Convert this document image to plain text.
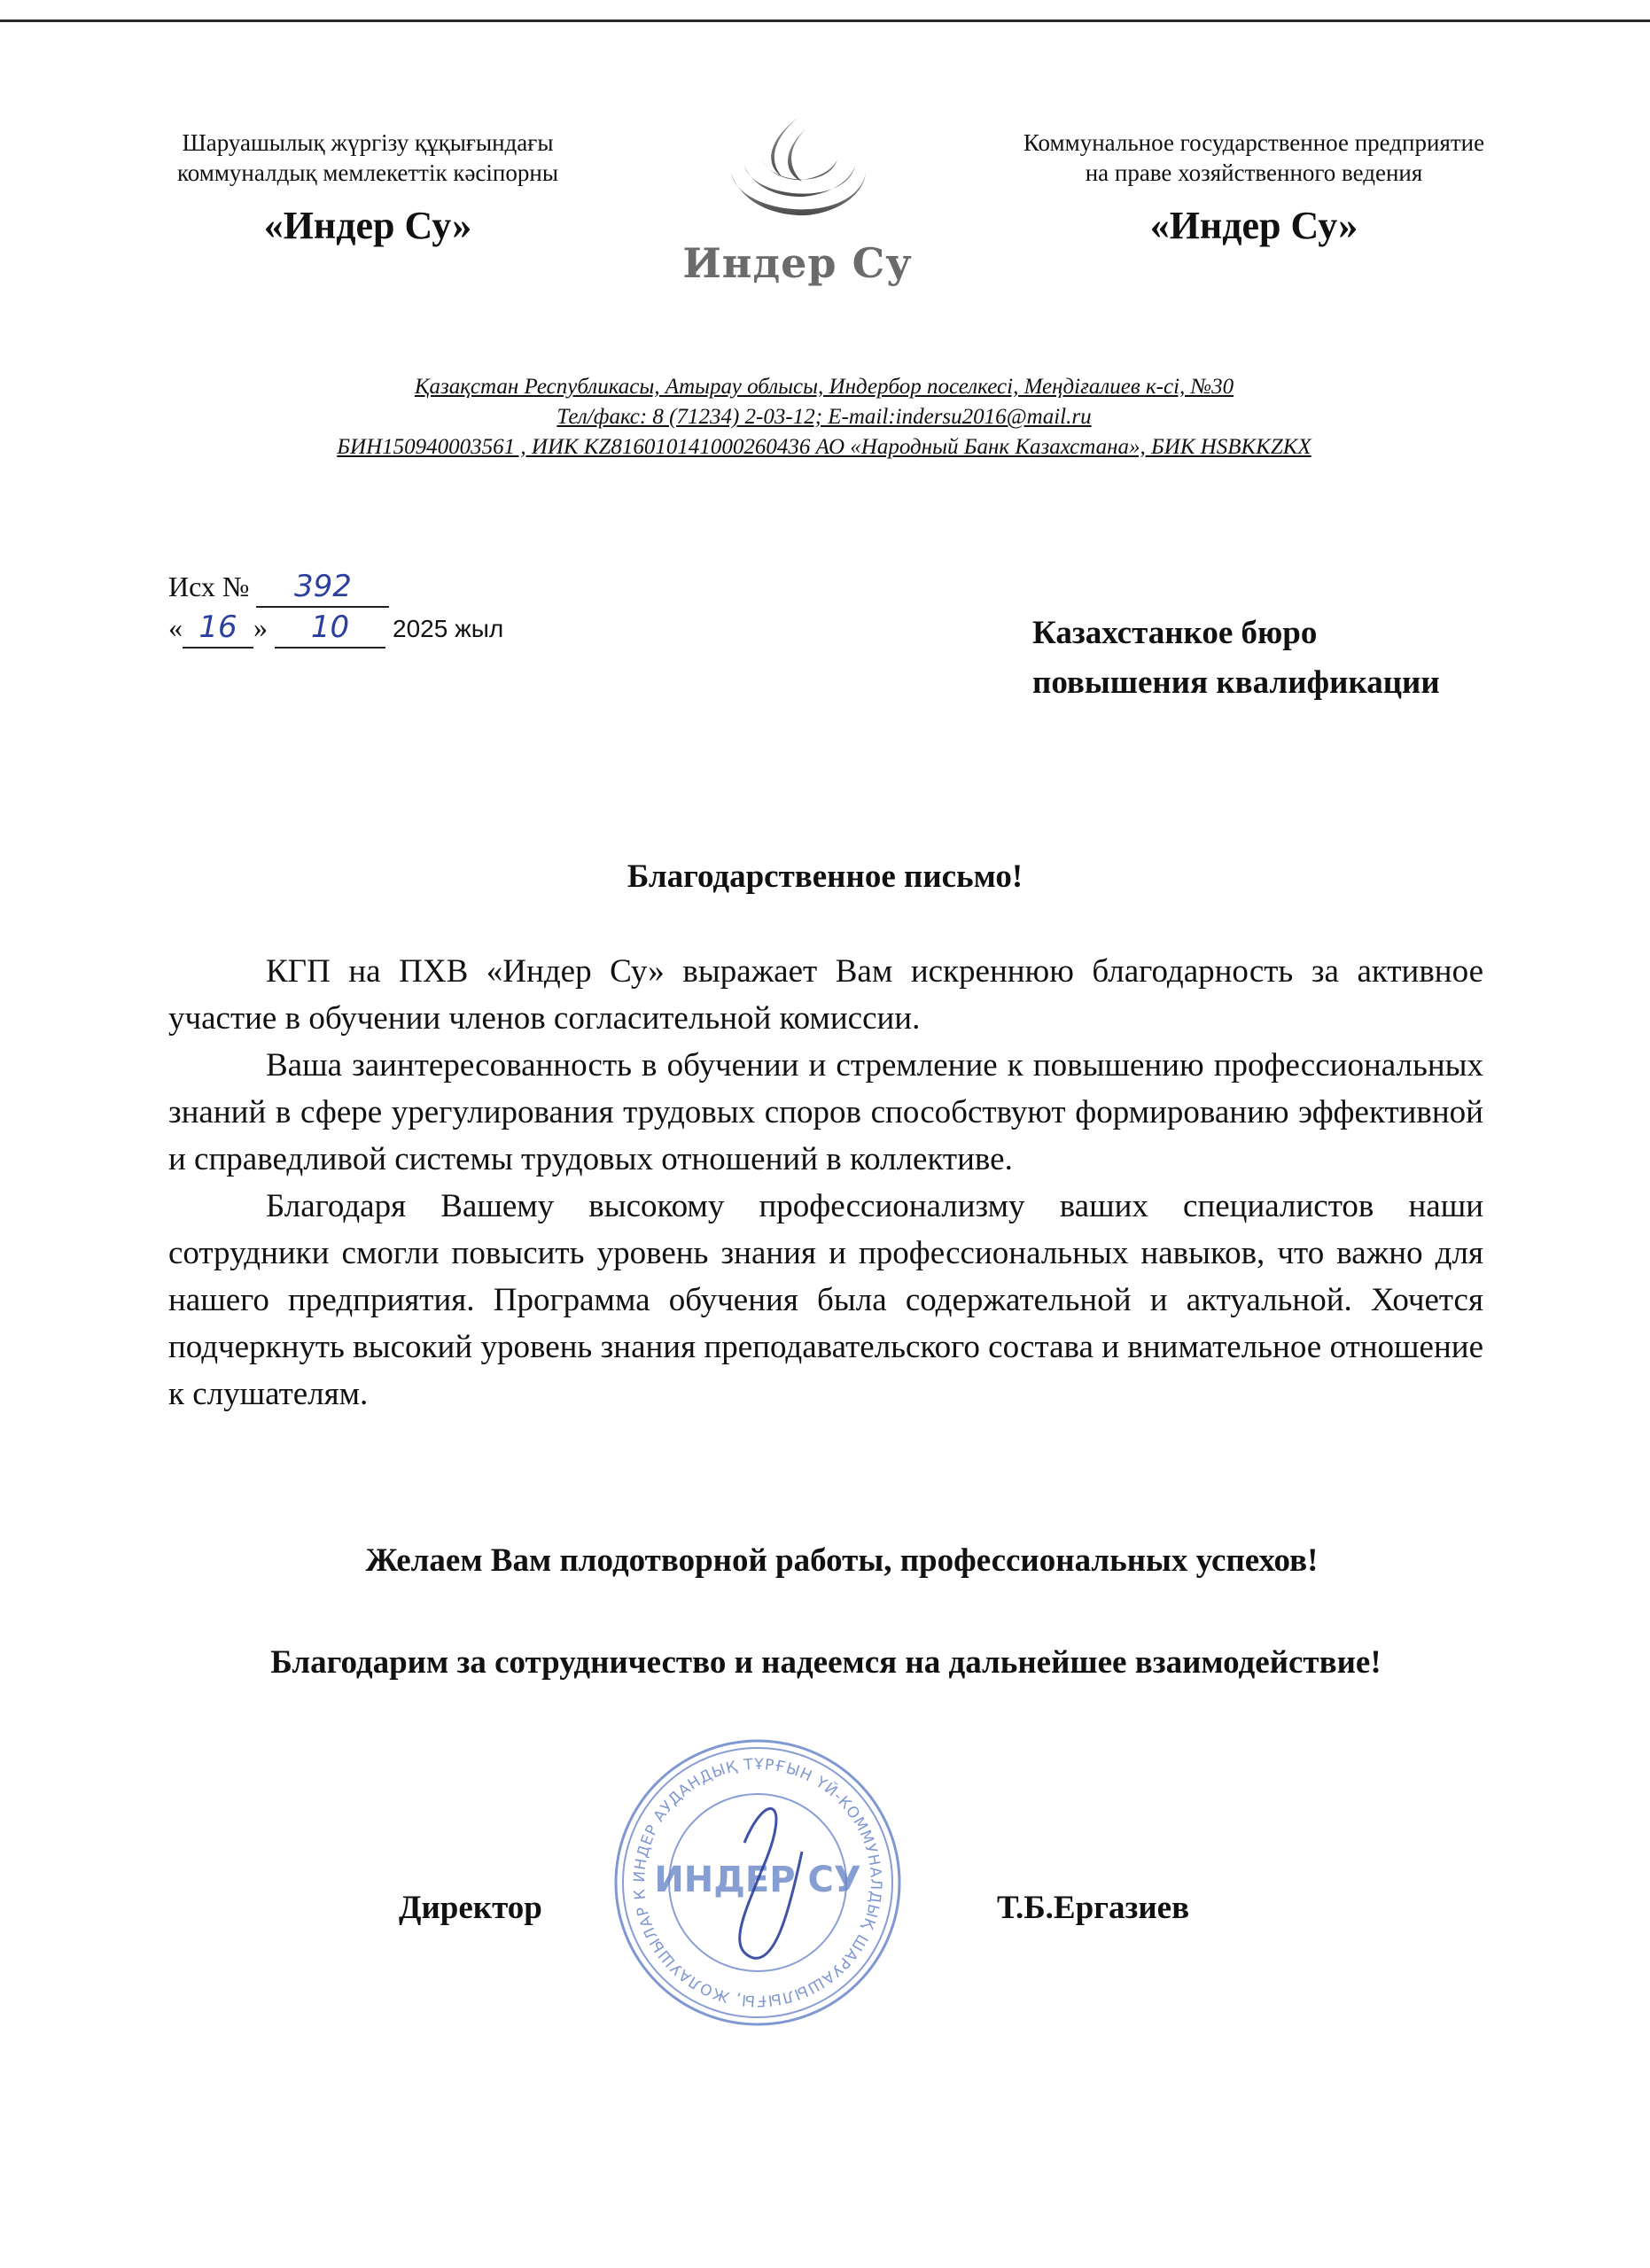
Шаруашылық жүргізу құқығындағы
коммуналдық мемлекеттік кәсіпорны
«Индер Су»
Индер Су
Коммунальное государственное предприятие
на праве хозяйственного ведения
«Индер Су»
Қазақстан Республикасы, Атырау облысы, Индербор поселкесі, Меңдіғалиев к-сі, №30
Тел/факс: 8 (71234) 2-03-12; E-mail:indersu2016@mail.ru
БИН150940003561 , ИИК KZ816010141000260436 АО «Народный Банк Казахстана», БИК HSBKKZKX
Исх № 392
« 16 » 10 2025 жыл	Казахстанкое бюро
повышения квалификации
Благодарственное письмо!

КГП на ПХВ «Индер Су» выражает Вам искреннюю благодарность за активное участие в обучении членов согласительной комиссии.

Ваша заинтересованность в обучении и стремление к повышению профессиональных знаний в сфере урегулирования трудовых споров способствуют формированию эффективной и справедливой системы трудовых отношений в коллективе.

Благодаря Вашему высокому профессионализму ваших специалистов наши сотрудники смогли повысить уровень знания и профессиональных навыков, что важно для нашего предприятия. Программа обучения была содержательной и актуальной. Хочется подчеркнуть высокий уровень знания преподавательского состава и внимательное отношение к слушателям.

Желаем Вам плодотворной работы, профессиональных успехов!
Благодарим за сотрудничество и надеемся на дальнейшее взаимодействие!
ИНДЕР АУДАНДЫҚ ТҰРҒЫН ҮЙ-КОММУНАЛДЫҚ ШАРУАШЫЛЫҒЫ, ЖОЛАУШЫЛАР К ИНДЕР СУ
Директор	Т.Б.Ергазиев
